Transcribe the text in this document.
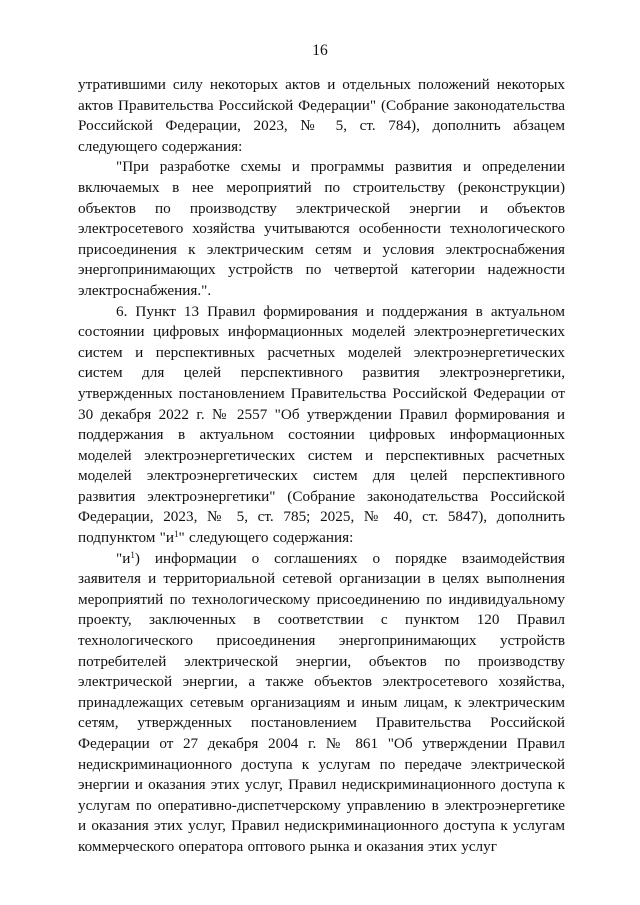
16

утратившими силу некоторых актов и отдельных положений некоторых актов Правительства Российской Федерации" (Собрание законодательства Российской Федерации, 2023, № 5, ст. 784), дополнить абзацем следующего содержания:

"При разработке схемы и программы развития и определении включаемых в нее мероприятий по строительству (реконструкции) объектов по производству электрической энергии и объектов электросетевого хозяйства учитываются особенности технологического присоединения к электрическим сетям и условия электроснабжения энергопринимающих устройств по четвертой категории надежности электроснабжения.".

6. Пункт 13 Правил формирования и поддержания в актуальном состоянии цифровых информационных моделей электроэнергетических систем и перспективных расчетных моделей электроэнергетических систем для целей перспективного развития электроэнергетики, утвержденных постановлением Правительства Российской Федерации от 30 декабря 2022 г. № 2557 "Об утверждении Правил формирования и поддержания в актуальном состоянии цифровых информационных моделей электроэнергетических систем и перспективных расчетных моделей электроэнергетических систем для целей перспективного развития электроэнергетики" (Собрание законодательства Российской Федерации, 2023, № 5, ст. 785; 2025, № 40, ст. 5847), дополнить подпунктом "$и^1$" следующего содержания:

"$и^1$) информации о соглашениях о порядке взаимодействия заявителя и территориальной сетевой организации в целях выполнения мероприятий по технологическому присоединению по индивидуальному проекту, заключенных в соответствии с пунктом 120 Правил технологического присоединения энергопринимающих устройств потребителей электрической энергии, объектов по производству электрической энергии, а также объектов электросетевого хозяйства, принадлежащих сетевым организациям и иным лицам, к электрическим сетям, утвержденных постановлением Правительства Российской Федерации от 27 декабря 2004 г. № 861 "Об утверждении Правил недискриминационного доступа к услугам по передаче электрической энергии и оказания этих услуг, Правил недискриминационного доступа к услугам по оперативно-диспетчерскому управлению в электроэнергетике и оказания этих услуг, Правил недискриминационного доступа к услугам коммерческого оператора оптового рынка и оказания этих услуг
